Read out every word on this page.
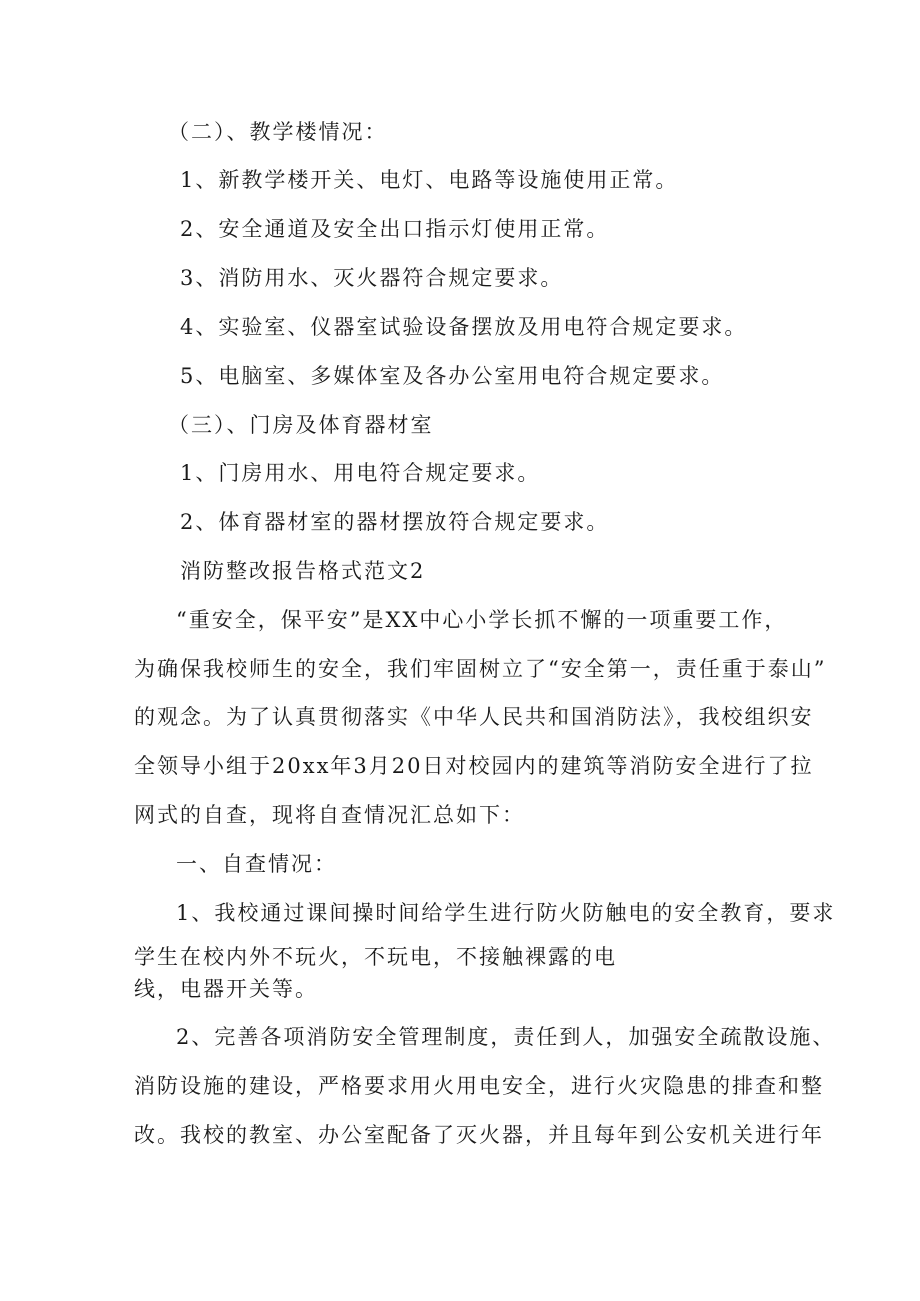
（二）、教学楼情况：
1、新教学楼开关、电灯、电路等设施使用正常。
2、安全通道及安全出口指示灯使用正常。
3、消防用水、灭火器符合规定要求。
4、实验室、仪器室试验设备摆放及用电符合规定要求。
5、电脑室、多媒体室及各办公室用电符合规定要求。
（三）、门房及体育器材室
1、门房用水、用电符合规定要求。
2、体育器材室的器材摆放符合规定要求。
消防整改报告格式范文2
“重安全，保平安”是XX中心小学长抓不懈的一项重要工作，
为确保我校师生的安全，我们牢固树立了“安全第一，责任重于泰山”
的观念。为了认真贯彻落实《中华人民共和国消防法》，我校组织安
全领导小组于20xx年3月20日对校园内的建筑等消防安全进行了拉
网式的自查，现将自查情况汇总如下：
一、自查情况：
1、我校通过课间操时间给学生进行防火防触电的安全教育，要求
学生在校内外不玩火，不玩电，不接触裸露的电
线，电器开关等。
2、完善各项消防安全管理制度，责任到人，加强安全疏散设施、
消防设施的建设，严格要求用火用电安全，进行火灾隐患的排查和整
改。我校的教室、办公室配备了灭火器，并且每年到公安机关进行年
